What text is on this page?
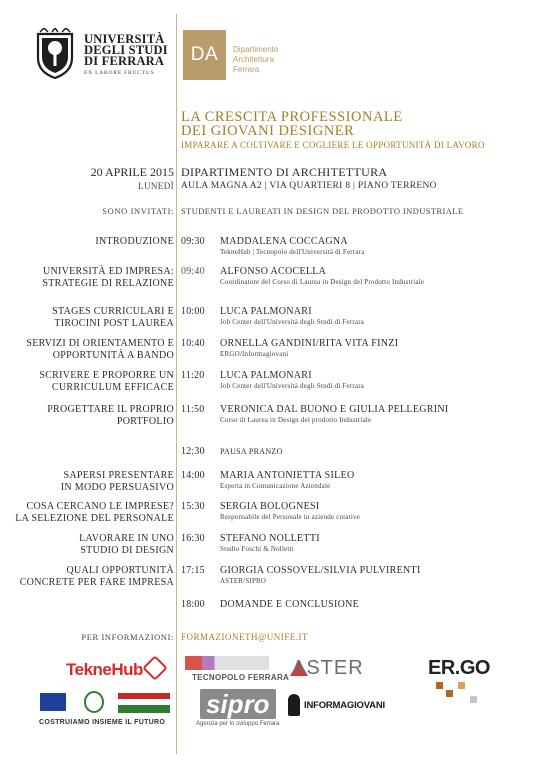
UNIVERSITÀ
DEGLI STUDI
DI FERRARA
EX LABORE FRUCTUS
DA	Dipartimento
Architettura
Ferrara
LA CRESCITA PROFESSIONALE
DEI GIOVANI DESIGNER
IMPARARE A COLTIVARE E COGLIERE LE OPPORTUNITÀ DI LAVORO
20 APRILE 2015
LUNEDÌ
DIPARTIMENTO DI ARCHITETTURA
AULA MAGNA A2 | VIA QUARTIERI 8 | PIANO TERRENO
SONO INVITATI: STUDENTI E LAUREATI IN DESIGN DEL PRODOTTO INDUSTRIALE
INTRODUZIONE 09:30 MADDALENA COCCAGNA
TekneHub | Tecnopolo dell'Università di Ferrara
UNIVERSITÀ ED IMPRESA:
STRATEGIE DI RELAZIONE
09:40 ALFONSO ACOCELLA
Coordinatore del Corso di Laurea in Design del Prodotto Industriale
STAGES CURRICULARI E
TIROCINI POST LAUREA
10:00 LUCA PALMONARI
Job Center dell'Università degli Studi di Ferrara
SERVIZI DI ORIENTAMENTO E
OPPORTUNITÀ A BANDO
10:40 ORNELLA GANDINI/RITA VITA FINZI
ERGO/Informagiovani
SCRIVERE E PROPORRE UN
CURRICULUM EFFICACE
11:20 LUCA PALMONARI
Job Center dell'Università degli Studi di Ferrara
PROGETTARE IL PROPRIO
PORTFOLIO
11:50 VERONICA DAL BUONO E GIULIA PELLEGRINI
Corso di Laurea in Design del prodotto Industriale
12:30 PAUSA PRANZO
SAPERSI PRESENTARE
IN MODO PERSUASIVO
14:00 MARIA ANTONIETTA SILEO
Esperta in Comunicazione Aziendale
COSA CERCANO LE IMPRESE?
LA SELEZIONE DEL PERSONALE
15:30 SERGIA BOLOGNESI
Responsabile del Personale in aziende creative
LAVORARE IN UNO
STUDIO DI DESIGN
16:30 STEFANO NOLLETTI
Studio Foschi & Nolletti
QUALI OPPORTUNITÀ
CONCRETE PER FARE IMPRESA
17:15 GIORGIA COSSOVEL/SILVIA PULVIRENTI
ASTER/SIPRO
18:00 DOMANDE E CONCLUSIONE
PER INFORMAZIONI: FORMAZIONETH@UNIFE.IT
TekneHub	TECNOPOLO FERRARA ASTER	ER.GO
COSTRUIAMO INSIEME IL FUTURO
sipro
Agenzia per lo sviluppo Ferrara
INFORMAGIOVANI
